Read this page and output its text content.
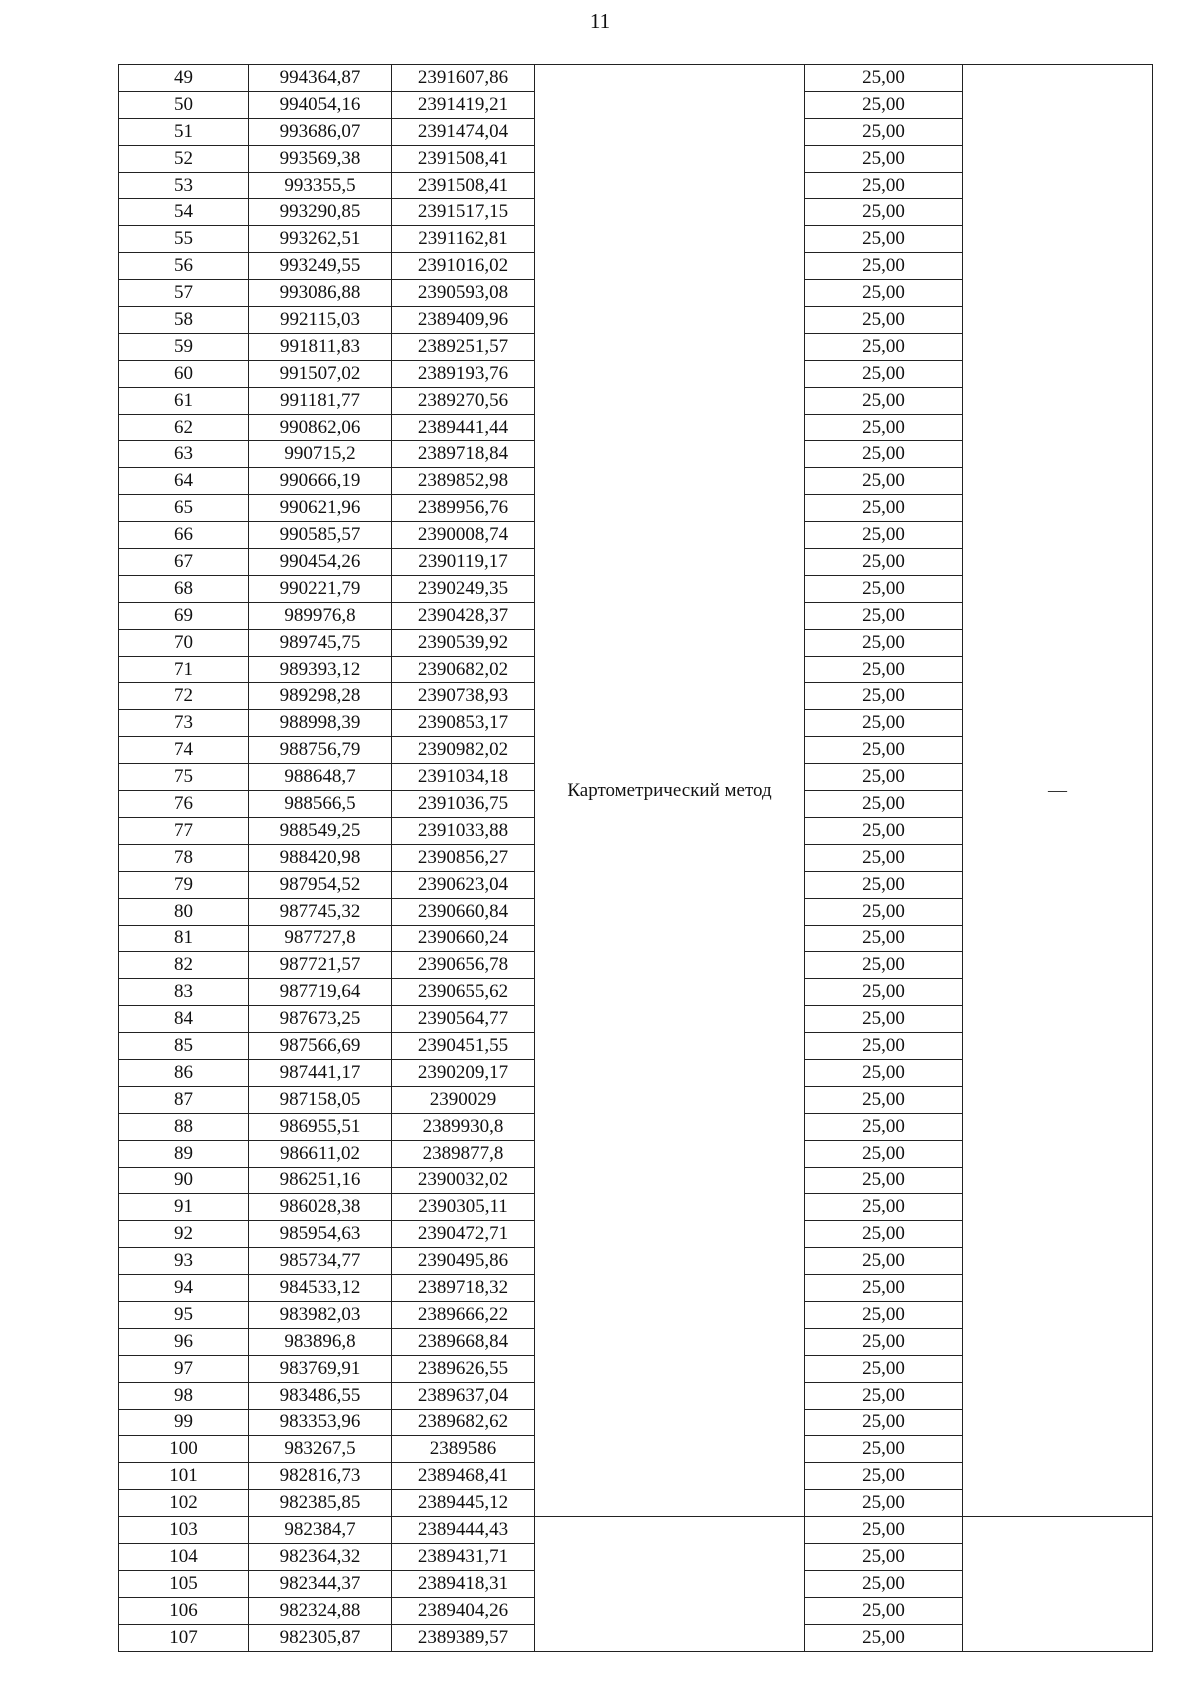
11
49	994364,87	2391607,86	Картометрический метод	25,00	—
50	994054,16	2391419,21		25,00	
51	993686,07	2391474,04		25,00	
52	993569,38	2391508,41		25,00	
53	993355,5	2391508,41		25,00	
54	993290,85	2391517,15		25,00	
55	993262,51	2391162,81		25,00	
56	993249,55	2391016,02		25,00	
57	993086,88	2390593,08		25,00	
58	992115,03	2389409,96		25,00	
59	991811,83	2389251,57		25,00	
60	991507,02	2389193,76		25,00	
61	991181,77	2389270,56		25,00	
62	990862,06	2389441,44		25,00	
63	990715,2	2389718,84		25,00	
64	990666,19	2389852,98		25,00	
65	990621,96	2389956,76		25,00	
66	990585,57	2390008,74		25,00	
67	990454,26	2390119,17		25,00	
68	990221,79	2390249,35		25,00	
69	989976,8	2390428,37		25,00	
70	989745,75	2390539,92		25,00	
71	989393,12	2390682,02		25,00	
72	989298,28	2390738,93		25,00	
73	988998,39	2390853,17		25,00	
74	988756,79	2390982,02		25,00	
75	988648,7	2391034,18		25,00	
76	988566,5	2391036,75		25,00	
77	988549,25	2391033,88		25,00	
78	988420,98	2390856,27		25,00	
79	987954,52	2390623,04		25,00	
80	987745,32	2390660,84		25,00	
81	987727,8	2390660,24		25,00	
82	987721,57	2390656,78		25,00	
83	987719,64	2390655,62		25,00	
84	987673,25	2390564,77		25,00	
85	987566,69	2390451,55		25,00	
86	987441,17	2390209,17		25,00	
87	987158,05	2390029		25,00	
88	986955,51	2389930,8		25,00	
89	986611,02	2389877,8		25,00	
90	986251,16	2390032,02		25,00	
91	986028,38	2390305,11		25,00	
92	985954,63	2390472,71		25,00	
93	985734,77	2390495,86		25,00	
94	984533,12	2389718,32		25,00	
95	983982,03	2389666,22		25,00	
96	983896,8	2389668,84		25,00	
97	983769,91	2389626,55		25,00	
98	983486,55	2389637,04		25,00	
99	983353,96	2389682,62		25,00	
100	983267,5	2389586		25,00	
101	982816,73	2389468,41		25,00	
102	982385,85	2389445,12		25,00	
103	982384,7	2389444,43		25,00	
104	982364,32	2389431,71		25,00	
105	982344,37	2389418,31		25,00	
106	982324,88	2389404,26		25,00	
107	982305,87	2389389,57		25,00	
